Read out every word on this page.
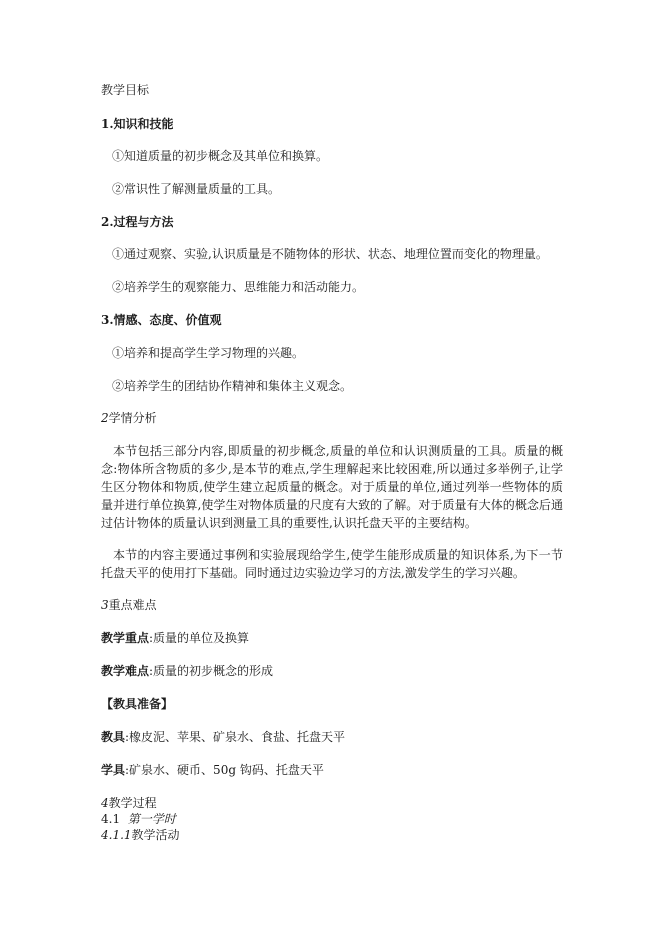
教学目标

1.知识和技能

①知道质量的初步概念及其单位和换算。

②常识性了解测量质量的工具。

2.过程与方法

①通过观察、实验,认识质量是不随物体的形状、状态、地理位置而变化的物理量。

②培养学生的观察能力、思维能力和活动能力。

3.情感、态度、价值观

①培养和提高学生学习物理的兴趣。

②培养学生的团结协作精神和集体主义观念。

2学情分析

本节包括三部分内容,即质量的初步概念,质量的单位和认识测质量的工具。质量的概念:物体所含物质的多少,是本节的难点,学生理解起来比较困难,所以通过多举例子,让学生区分物体和物质,使学生建立起质量的概念。对于质量的单位,通过列举一些物体的质量并进行单位换算,使学生对物体质量的尺度有大致的了解。对于质量有大体的概念后通过估计物体的质量认识到测量工具的重要性,认识托盘天平的主要结构。

本节的内容主要通过事例和实验展现给学生,使学生能形成质量的知识体系,为下一节托盘天平的使用打下基础。同时通过边实验边学习的方法,激发学生的学习兴趣。

3重点难点

教学重点:质量的单位及换算

教学难点:质量的初步概念的形成

【教具准备】

教具:橡皮泥、苹果、矿泉水、食盐、托盘天平

学具:矿泉水、硬币、50g 钩码、托盘天平

4教学过程

4.1 第一学时

4.1.1教学活动
